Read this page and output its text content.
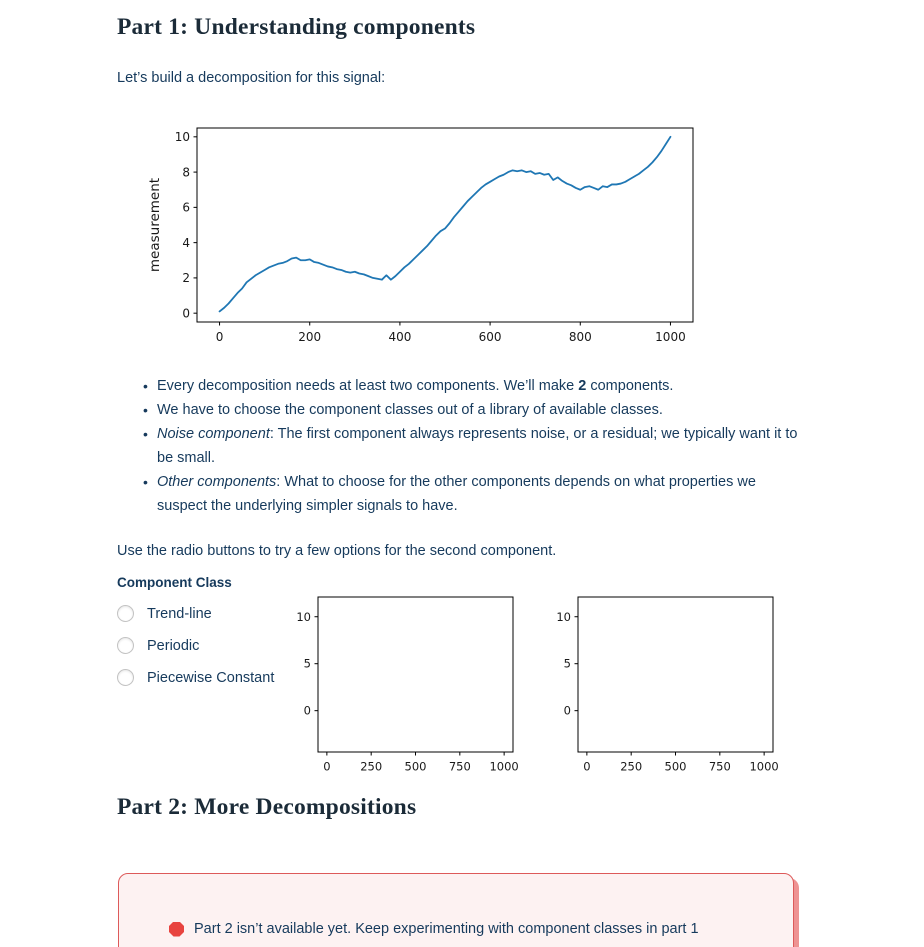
Part 1: Understanding components

Let’s build a decomposition for this signal:

0	200	400	600	800	1000
0
2
4
6
8
10
measurement
• Every decomposition needs at least two components. We’ll make 2 components.
• We have to choose the component classes out of a library of available classes.
• Noise component: The first component always represents noise, or a residual; we typically want it to be small.
• Other components: What to choose for the other components depends on what properties we suspect the underlying simpler signals to have.

Use the radio buttons to try a few options for the second component.

Component Class
Trend-line
Periodic
Piecewise Constant
0	250 500 750 1000
0
5
10
0	250 500 750 1000
0
5
10
Part 2: More Decompositions

Part 2 isn’t available yet. Keep experimenting with component classes in part 1
